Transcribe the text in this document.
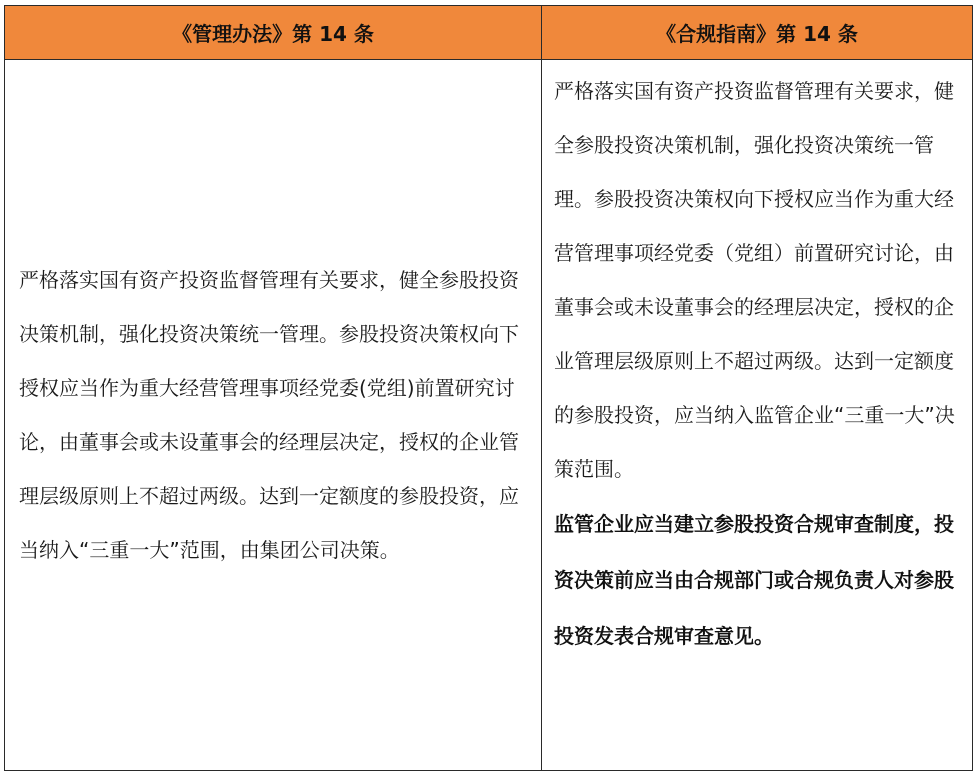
《管理办法》第 14 条	《合规指南》第 14 条
严格落实国有资产投资监督管理有关要求，健全参股投资决策机制，强化投资决策统一管理。参股投资决策权向下授权应当作为重大经营管理事项经党委(党组)前置研究讨论，由董事会或未设董事会的经理层决定，授权的企业管理层级原则上不超过两级。达到一定额度的参股投资，应当纳入“三重一大”范围，由集团公司决策。	严格落实国有资产投资监督管理有关要求，健全参股投资决策机制，强化投资决策统一管理。参股投资决策权向下授权应当作为重大经营管理事项经党委（党组）前置研究讨论，由董事会或未设董事会的经理层决定，授权的企业管理层级原则上不超过两级。达到一定额度的参股投资，应当纳入监管企业“三重一大”决策范围。
监管企业应当建立参股投资合规审查制度，投资决策前应当由合规部门或合规负责人对参股投资发表合规审查意见。
